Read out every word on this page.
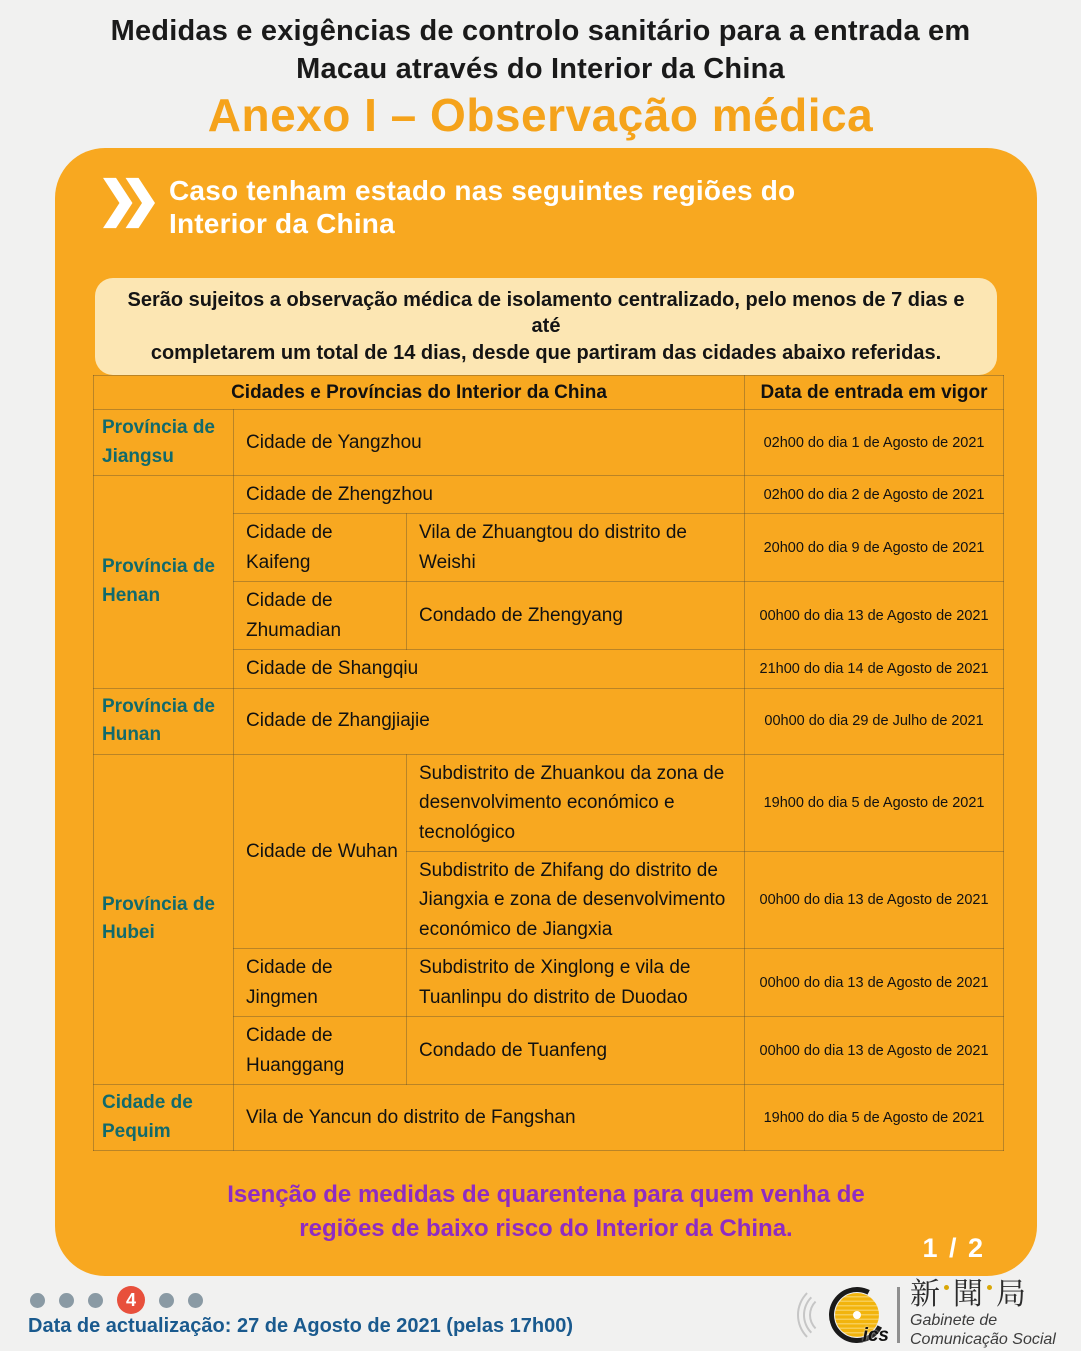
Medidas e exigências de controlo sanitário para a entrada em
Macau através do Interior da China
Anexo I – Observação médica
Caso tenham estado nas seguintes regiões do
Interior da China
Serão sujeitos a observação médica de isolamento centralizado, pelo menos de 7 dias e até
completarem um total de 14 dias, desde que partiram das cidades abaixo referidas.
Cidades e Províncias do Interior da China			Data de entrada em vigor
Província de Jiangsu	Cidade de Yangzhou		02h00 do dia 1 de Agosto de 2021
Província de Henan	Cidade de Zhengzhou		02h00 do dia 2 de Agosto de 2021
	Cidade de Kaifeng	Vila de Zhuangtou do distrito de Weishi	20h00 do dia 9 de Agosto de 2021
	Cidade de Zhumadian	Condado de Zhengyang	00h00 do dia 13 de Agosto de 2021
	Cidade de Shangqiu		21h00 do dia 14 de Agosto de 2021
Província de Hunan	Cidade de Zhangjiajie		00h00 do dia 29 de Julho de 2021
Província de Hubei	Cidade de Wuhan	Subdistrito de Zhuankou da zona de desenvolvimento económico e tecnológico	19h00 do dia 5 de Agosto de 2021
		Subdistrito de Zhifang do distrito de Jiangxia e zona de desenvolvimento económico de Jiangxia	00h00 do dia 13 de Agosto de 2021
	Cidade de Jingmen	Subdistrito de Xinglong e vila de Tuanlinpu do distrito de Duodao	00h00 do dia 13 de Agosto de 2021
	Cidade de Huanggang	Condado de Tuanfeng	00h00 do dia 13 de Agosto de 2021
Cidade de Pequim	Vila de Yancun do distrito de Fangshan		19h00 do dia 5 de Agosto de 2021
Isenção de medidas de quarentena para quem venha de
regiões de baixo risco do Interior da China.
1 / 2
4
Data de actualização: 27 de Agosto de 2021 (pelas 17h00)	ics
新 聞 局
Gabinete de
Comunicação Social
